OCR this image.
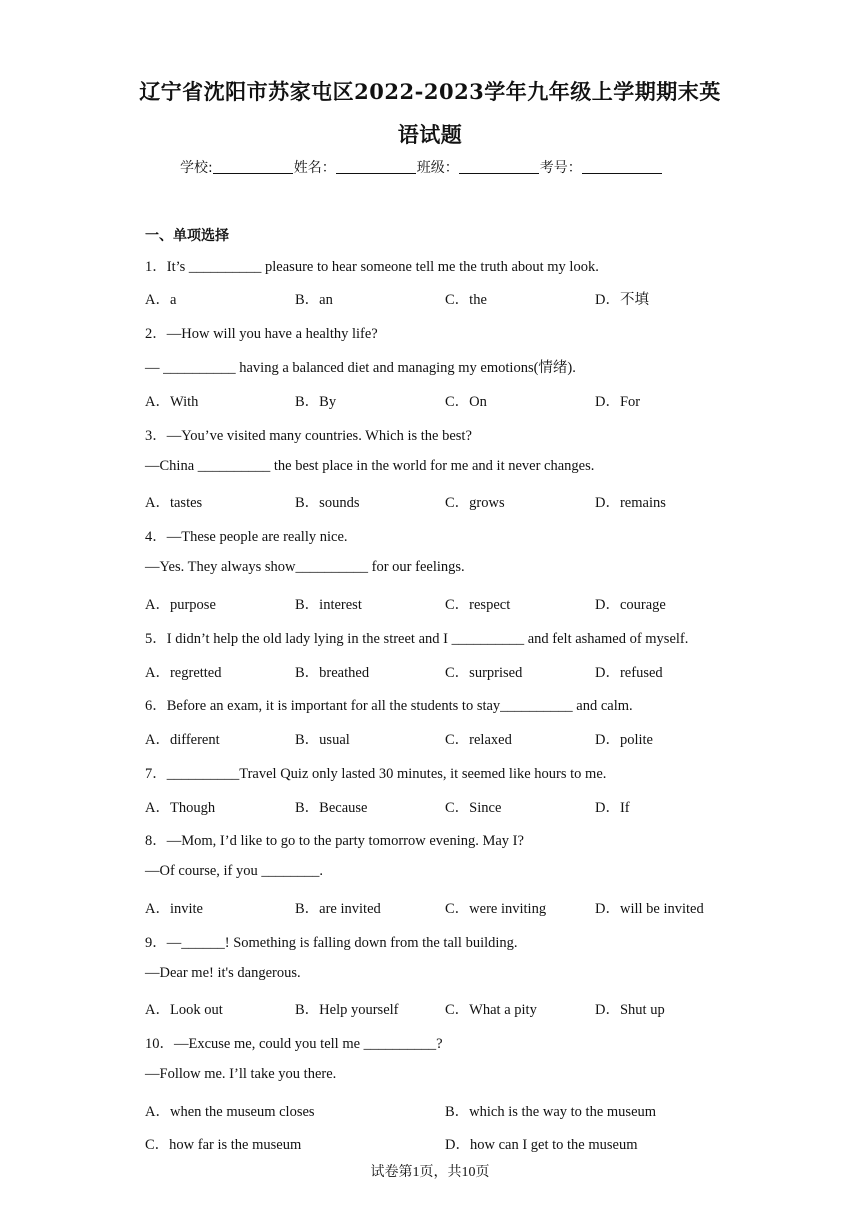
辽宁省沈阳市苏家屯区2022-2023学年九年级上学期期末英
语试题
学校:	姓名：	班级：	考号：
一、单项选择
1．It’s __________ pleasure to hear someone tell me the truth about my look.
A．a	B．an	C．the	D．不填
2．—How will you have a healthy life?
— __________ having a balanced diet and managing my emotions(情绪).
A．With	B．By	C．On	D．For
3．—You’ve visited many countries. Which is the best?
—China __________ the best place in the world for me and it never changes.
A．tastes	B．sounds	C．grows	D．remains
4．—These people are really nice.
—Yes. They always show__________ for our feelings.
A．purpose	B．interest	C．respect	D．courage
5．I didn’t help the old lady lying in the street and I __________ and felt ashamed of myself.
A．regretted	B．breathed	C．surprised	D．refused
6．Before an exam, it is important for all the students to stay__________ and calm.
A．different	B．usual	C．relaxed	D．polite
7．__________Travel Quiz only lasted 30 minutes, it seemed like hours to me.
A．Though	B．Because	C．Since	D．If
8．—Mom, I’d like to go to the party tomorrow evening. May I?
—Of course, if you ________.
A．invite	B．are invited	C．were inviting	D．will be invited
9．—______! Something is falling down from the tall building.
—Dear me! it's dangerous.
A．Look out	B．Help yourself	C．What a pity	D．Shut up
10．—Excuse me, could you tell me __________?
—Follow me. I’ll take you there.
A．when the museum closes	B．which is the way to the museum
C．how far is the museum	D．how can I get to the museum
试卷第1页，共10页
